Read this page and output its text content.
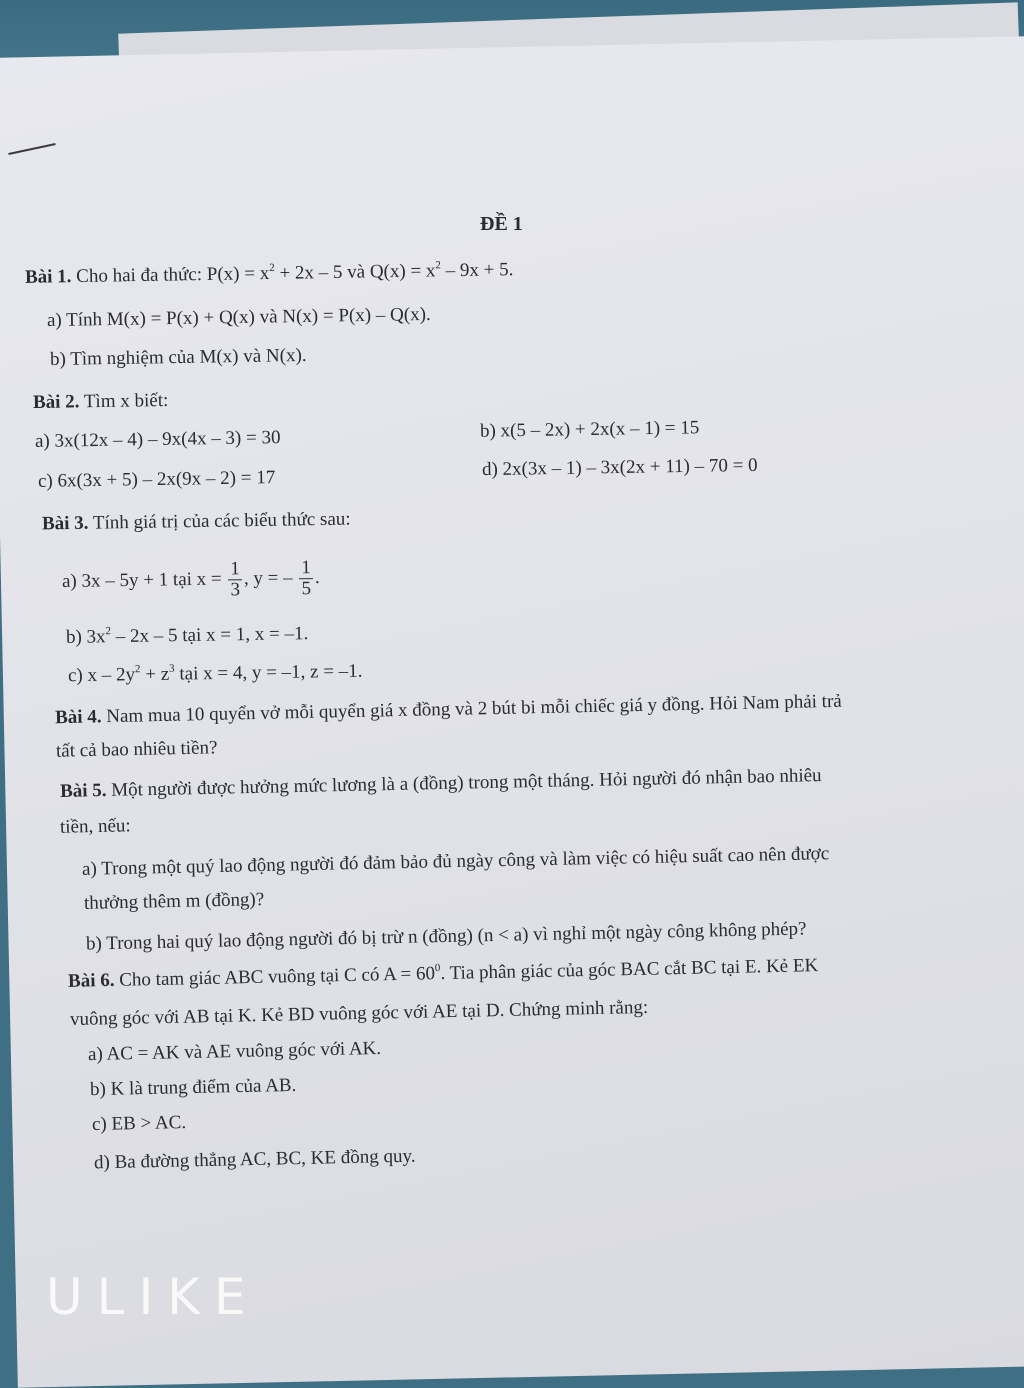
ĐỀ 1
Bài 1. Cho hai đa thức: $P(x) = x^2 + 2x - 5$ và $Q(x) = x^2 - 9x + 5$.
a) Tính M(x) = P(x) + Q(x) và N(x) = P(x) – Q(x).
b) Tìm nghiệm của M(x) và N(x).
Bài 2. Tìm x biết:
a) 3x(12x – 4) – 9x(4x – 3) = 30	b) x(5 – 2x) + 2x(x – 1) = 15
c) 6x(3x + 5) – 2x(9x – 2) = 17	d) 2x(3x – 1) – 3x(2x + 11) – 70 = 0
Bài 3. Tính giá trị của các biểu thức sau:
a) 3x – 5y + 1 tại $x = \frac{1}{3}$ , y = – $\frac{1}{5}$ .
b) $3x^2 - 2x - 5$ tại x = 1, x = –1.
c) $x - 2y^2 + z^3$ tại x = 4, y = –1, z = –1.
Bài 4. Nam mua 10 quyển vở mỗi quyển giá x đồng và 2 bút bi mỗi chiếc giá y đồng. Hỏi Nam phải trả
tất cả bao nhiêu tiền?
Bài 5. Một người được hưởng mức lương là a (đồng) trong một tháng. Hỏi người đó nhận bao nhiêu
tiền, nếu:
a) Trong một quý lao động người đó đảm bảo đủ ngày công và làm việc có hiệu suất cao nên được
thưởng thêm m (đồng)?
b) Trong hai quý lao động người đó bị trừ n (đồng) (n < a) vì nghỉ một ngày công không phép?
Bài 6. Cho tam giác ABC vuông tại C có $A = 60^0$. Tia phân giác của góc BAC cắt BC tại E. Kẻ EK
vuông góc với AB tại K. Kẻ BD vuông góc với AE tại D. Chứng minh rằng:
a) AC = AK và AE vuông góc với AK.
b) K là trung điểm của AB.
c) EB > AC.
d) Ba đường thẳng AC, BC, KE đồng quy.
ULIKE
